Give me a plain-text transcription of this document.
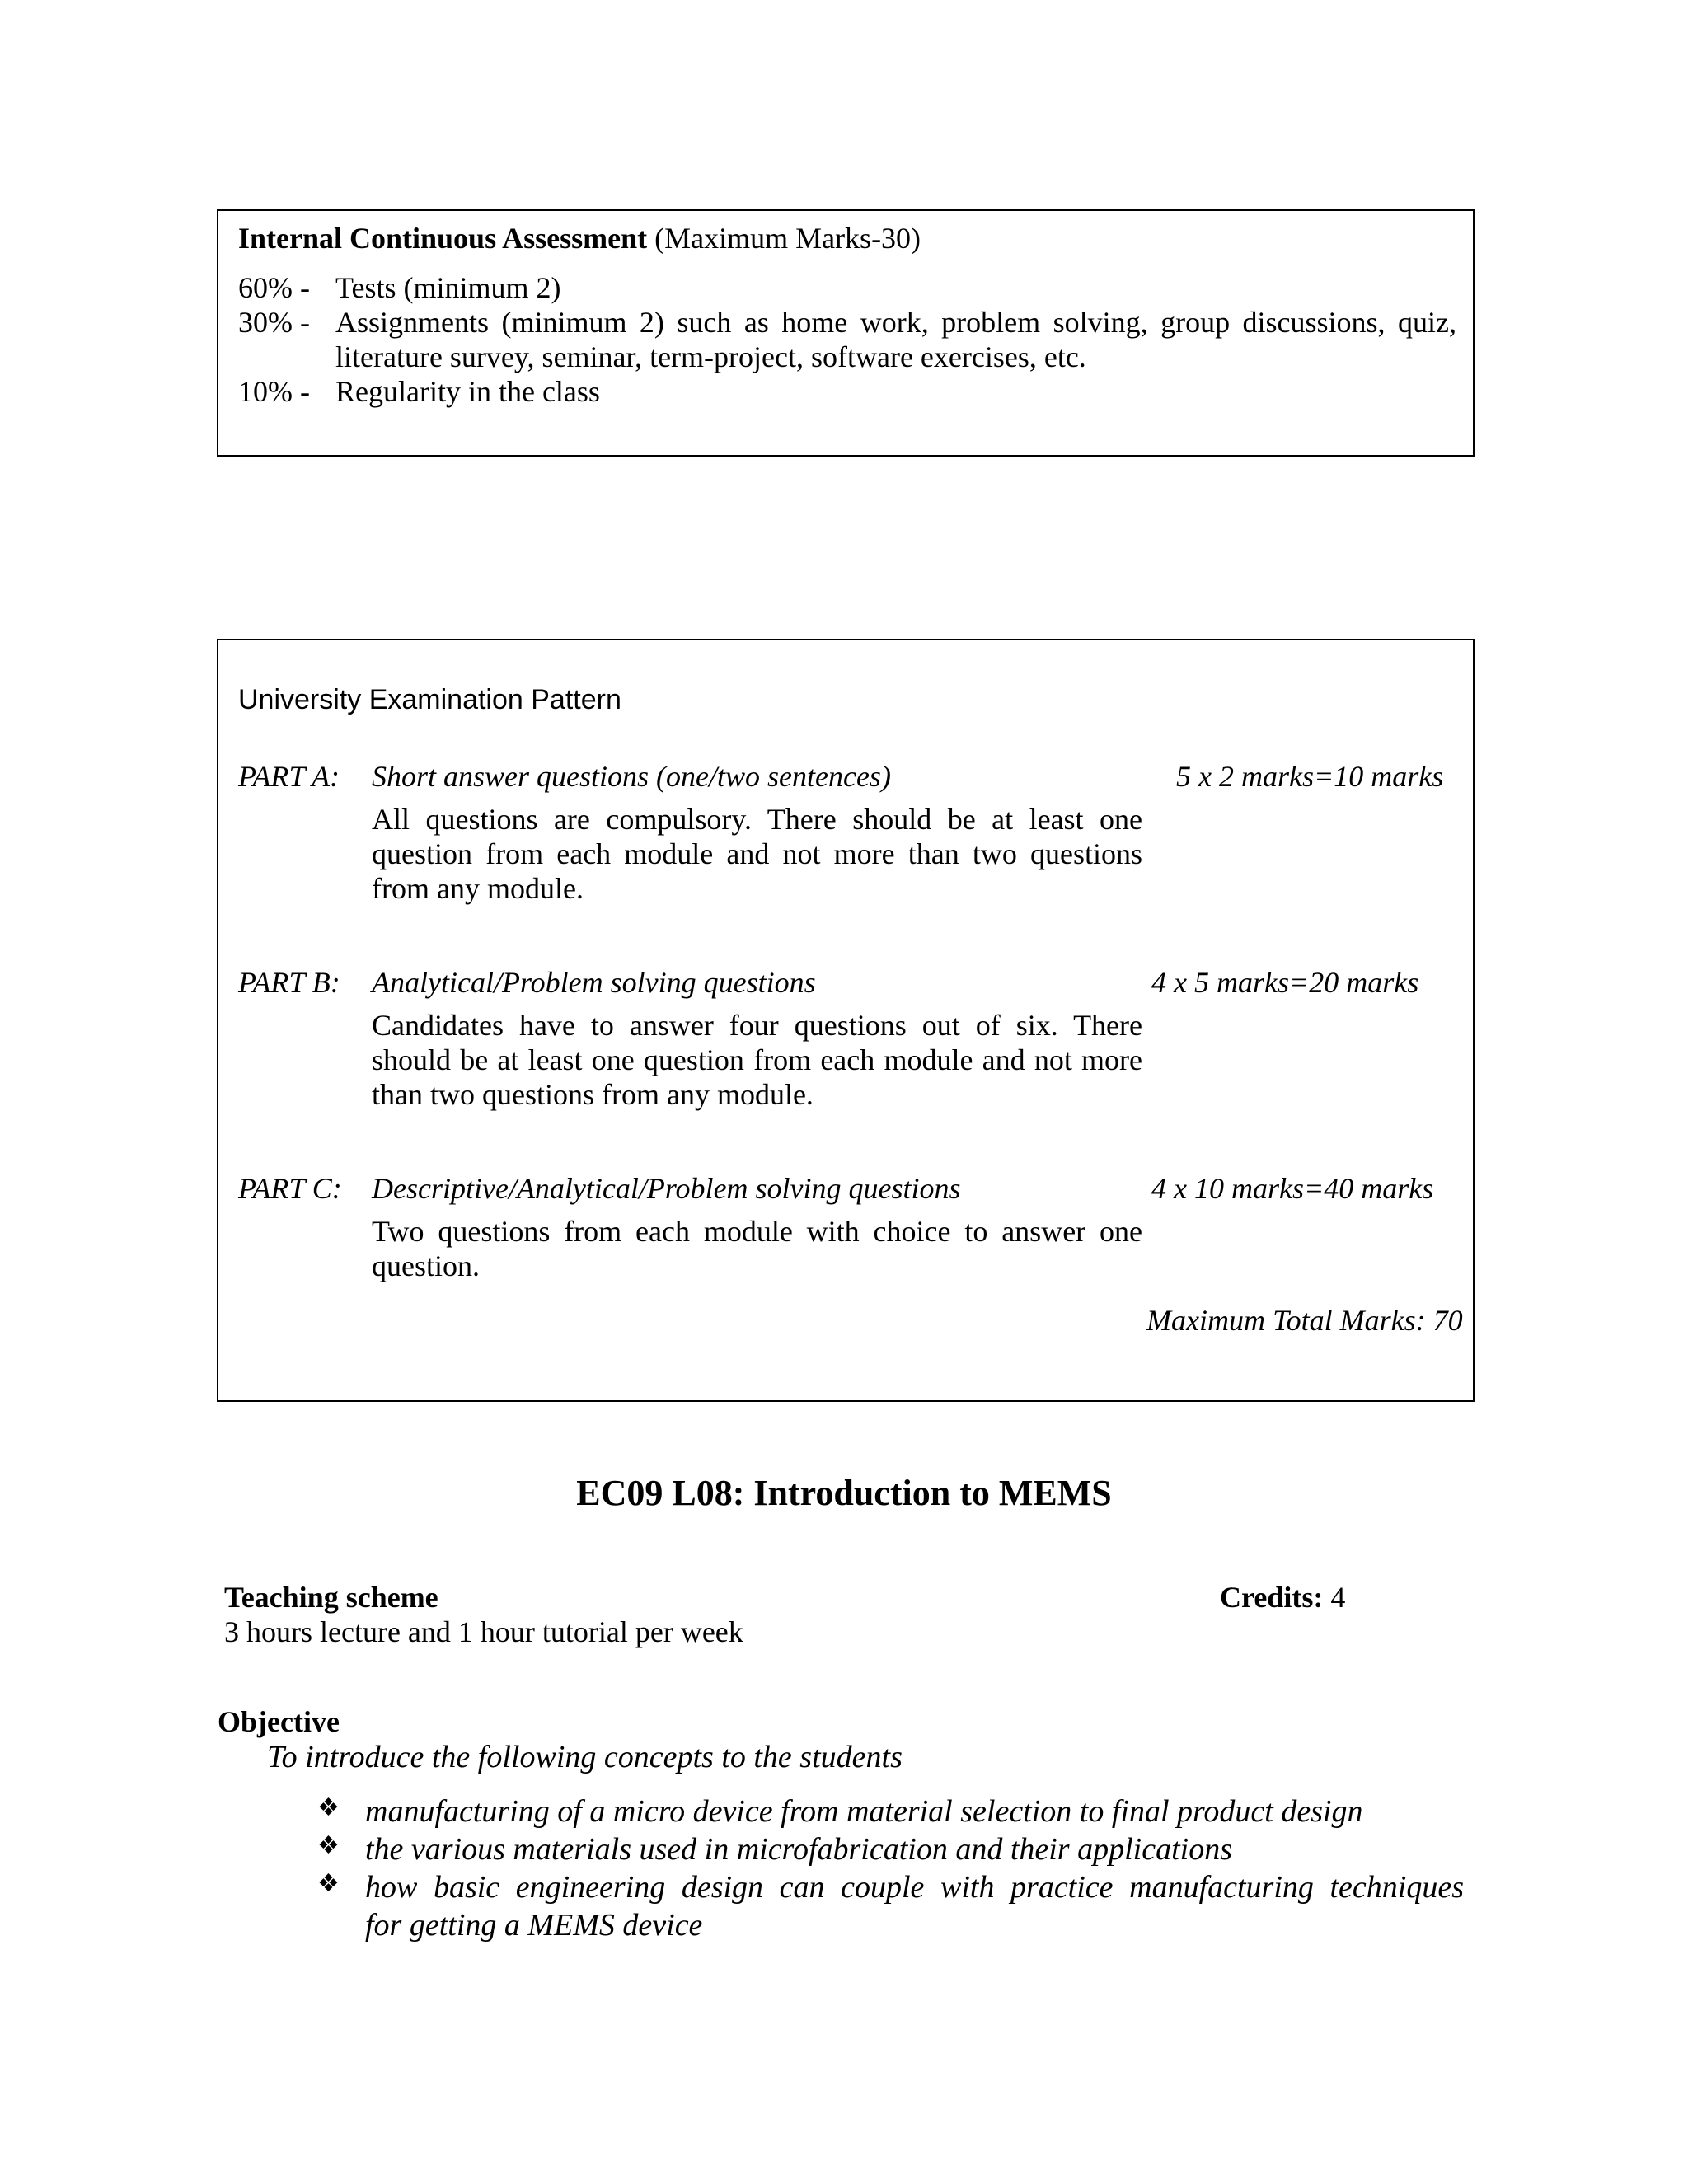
Internal Continuous Assessment (Maximum Marks-30)
60% - Tests (minimum 2)
30% - Assignments (minimum 2) such as home work, problem solving, group discussions, quiz,
literature survey, seminar, term-project, software exercises, etc.
10% - Regularity in the class
University Examination Pattern
PART A: Short answer questions (one/two sentences)	5 x 2 marks=10 marks
All questions are compulsory. There should be at least one question from each module and not more than two questions from any module.
PART B: Analytical/Problem solving questions	4 x 5 marks=20 marks
Candidates have to answer four questions out of six. There should be at least one question from each module and not more than two questions from any module.
PART C: Descriptive/Analytical/Problem solving questions	4 x 10 marks=40 marks
Two questions from each module with choice to answer one question.
Maximum Total Marks: 70
EC09 L08: Introduction to MEMS
Teaching scheme
3 hours lecture and 1 hour tutorial per week
Credits: 4
Objective
To introduce the following concepts to the students
❖ manufacturing of a micro device from material selection to final product design
❖ the various materials used in microfabrication and their applications
❖ how basic engineering design can couple with practice manufacturing techniques
for getting a MEMS device
